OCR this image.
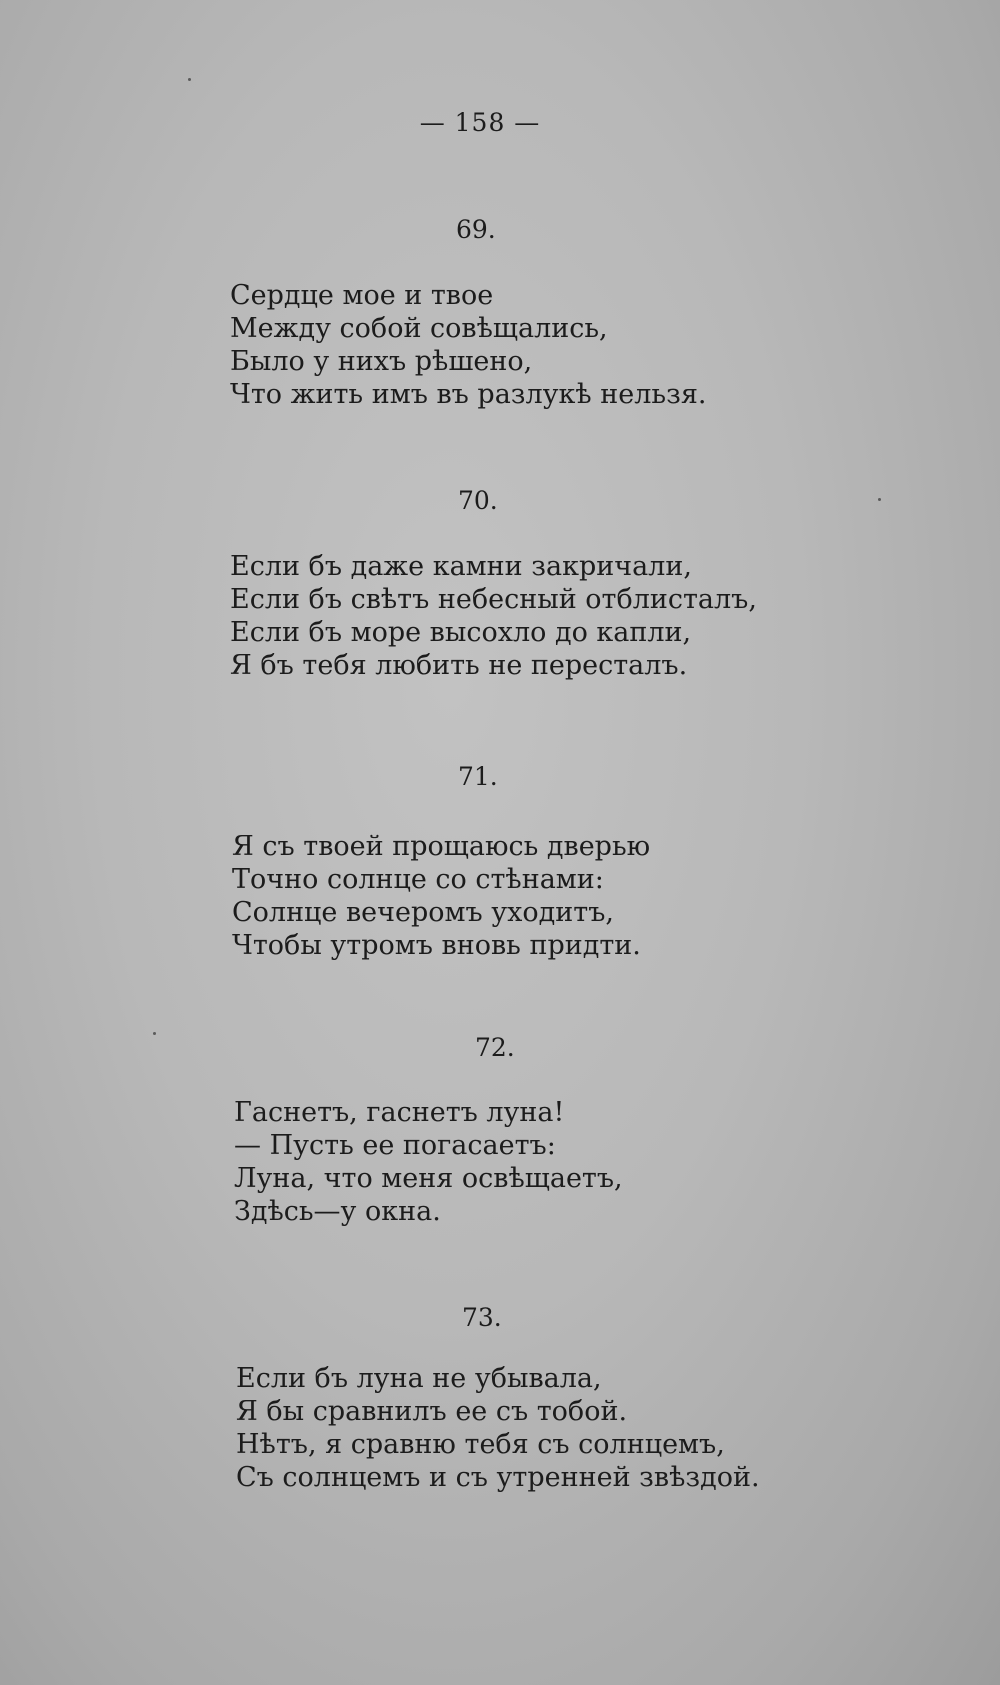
— 158 —
69.
Сердце мое и твое
Между собой совѣщались,
Было у нихъ рѣшено,
Что жить имъ въ разлукѣ нельзя.
70.
Если бъ даже камни закричали,
Если бъ свѣтъ небесный отблисталъ,
Если бъ море высохло до капли,
Я бъ тебя любить не пересталъ.
71.
Я съ твоей прощаюсь дверью
Точно солнце со стѣнами:
Солнце вечеромъ уходитъ,
Чтобы утромъ вновь придти.
72.
Гаснетъ, гаснетъ луна!
— Пусть ее погасаетъ:
Луна, что меня освѣщаетъ,
Здѣсь—у окна.
73.
Если бъ луна не убывала,
Я бы сравнилъ ее съ тобой.
Нѣтъ, я сравню тебя съ солнцемъ,
Съ солнцемъ и съ утренней звѣздой.
